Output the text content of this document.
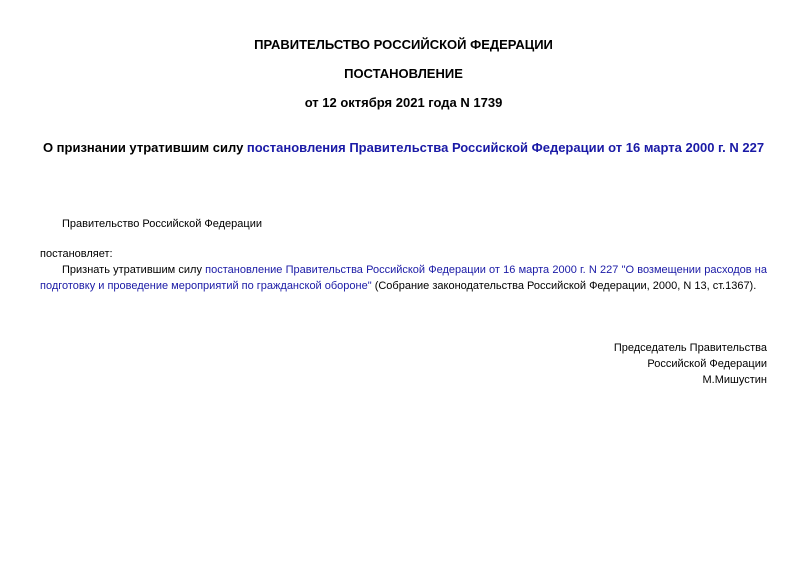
ПРАВИТЕЛЬСТВО РОССИЙСКОЙ ФЕДЕРАЦИИ
ПОСТАНОВЛЕНИЕ
от 12 октября 2021 года N 1739
О признании утратившим силу постановления Правительства Российской Федерации от 16 марта 2000 г. N 227
Правительство Российской Федерации
постановляет:
Признать утратившим силу постановление Правительства Российской Федерации от 16 марта 2000 г. N 227 "О возмещении расходов на подготовку и проведение мероприятий по гражданской обороне" (Собрание законодательства Российской Федерации, 2000, N 13, ст.1367).
Председатель Правительства
Российской Федерации
М.Мишустин
